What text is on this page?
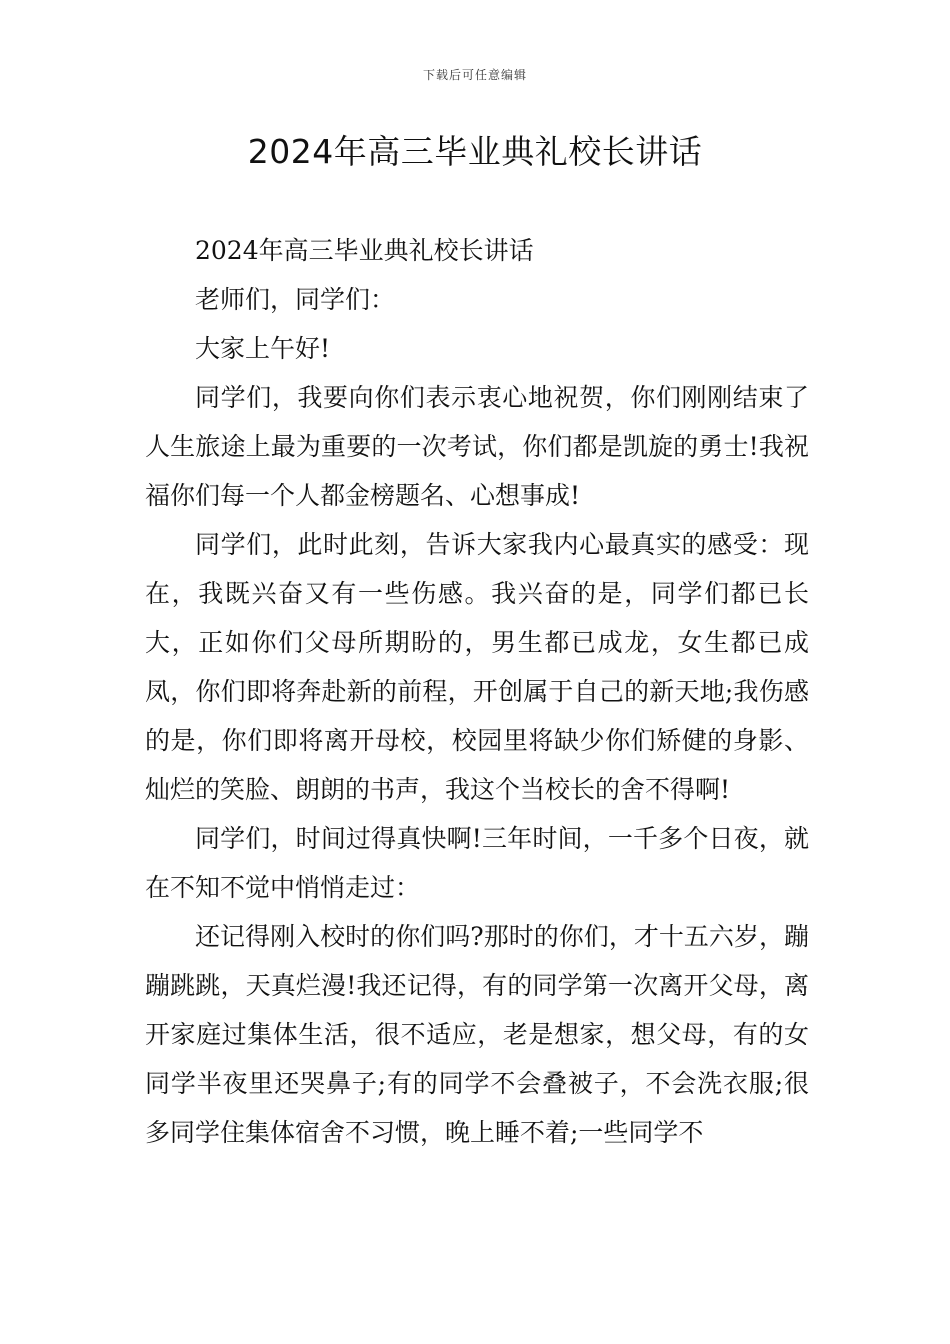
下载后可任意编辑
2024年高三毕业典礼校长讲话

2024年高三毕业典礼校长讲话

老师们，同学们：

大家上午好!

同学们，我要向你们表示衷心地祝贺，你们刚刚结束了人生旅途上最为重要的一次考试，你们都是凯旋的勇士!我祝福你们每一个人都金榜题名、心想事成!

同学们，此时此刻，告诉大家我内心最真实的感受：现在，我既兴奋又有一些伤感。我兴奋的是，同学们都已长大，正如你们父母所期盼的，男生都已成龙，女生都已成凤，你们即将奔赴新的前程，开创属于自己的新天地;我伤感的是，你们即将离开母校，校园里将缺少你们矫健的身影、灿烂的笑脸、朗朗的书声，我这个当校长的舍不得啊!

同学们，时间过得真快啊!三年时间，一千多个日夜，就在不知不觉中悄悄走过：

还记得刚入校时的你们吗?那时的你们，才十五六岁，蹦蹦跳跳，天真烂漫!我还记得，有的同学第一次离开父母，离开家庭过集体生活，很不适应，老是想家，想父母，有的女同学半夜里还哭鼻子;有的同学不会叠被子，不会洗衣服;很多同学住集体宿舍不习惯，晚上睡不着;一些同学不
